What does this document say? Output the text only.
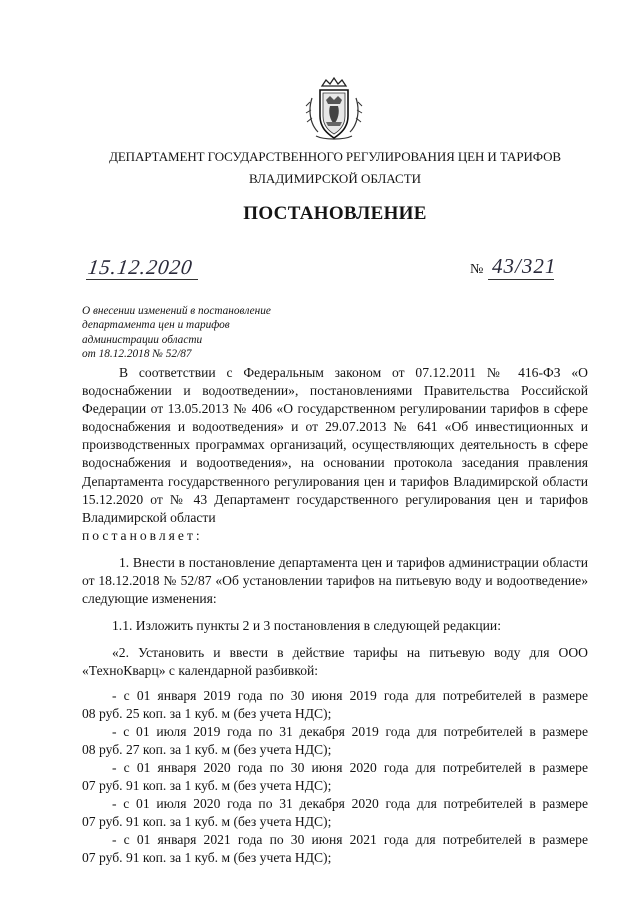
ДЕПАРТАМЕНТ ГОСУДАРСТВЕННОГО РЕГУЛИРОВАНИЯ ЦЕН И ТАРИФОВ
ВЛАДИМИРСКОЙ ОБЛАСТИ
ПОСТАНОВЛЕНИЕ
15.12.2020	№ 43/321
О внесении изменений в постановление
департамента цен и тарифов
администрации области
от 18.12.2018 № 52/87
В соответствии с Федеральным законом от 07.12.2011 № 416-ФЗ «О водоснабжении и водоотведении», постановлениями Правительства Российской Федерации от 13.05.2013 № 406 «О государственном регулировании тарифов в сфере водоснабжения и водоотведения» и от 29.07.2013 № 641 «Об инвестиционных и производственных программах организаций, осуществляющих деятельность в сфере водоснабжения и водоотведения», на основании протокола заседания правления Департамента государственного регулирования цен и тарифов Владимирской области 15.12.2020 от № 43 Департамент государственного регулирования цен и тарифов Владимирской области
постановляет:
1. Внести в постановление департамента цен и тарифов администрации области от 18.12.2018 № 52/87 «Об установлении тарифов на питьевую воду и водоотведение» следующие изменения:
1.1. Изложить пункты 2 и 3 постановления в следующей редакции:
«2. Установить и ввести в действие тарифы на питьевую воду для ООО «ТехноКварц» с календарной разбивкой:
- с 01 января 2019 года по 30 июня 2019 года для потребителей в размере
08 руб. 25 коп. за 1 куб. м (без учета НДС);
- с 01 июля 2019 года по 31 декабря 2019 года для потребителей в размере
08 руб. 27 коп. за 1 куб. м (без учета НДС);
- с 01 января 2020 года по 30 июня 2020 года для потребителей в размере
07 руб. 91 коп. за 1 куб. м (без учета НДС);
- с 01 июля 2020 года по 31 декабря 2020 года для потребителей в размере
07 руб. 91 коп. за 1 куб. м (без учета НДС);
- с 01 января 2021 года по 30 июня 2021 года для потребителей в размере
07 руб. 91 коп. за 1 куб. м (без учета НДС);
